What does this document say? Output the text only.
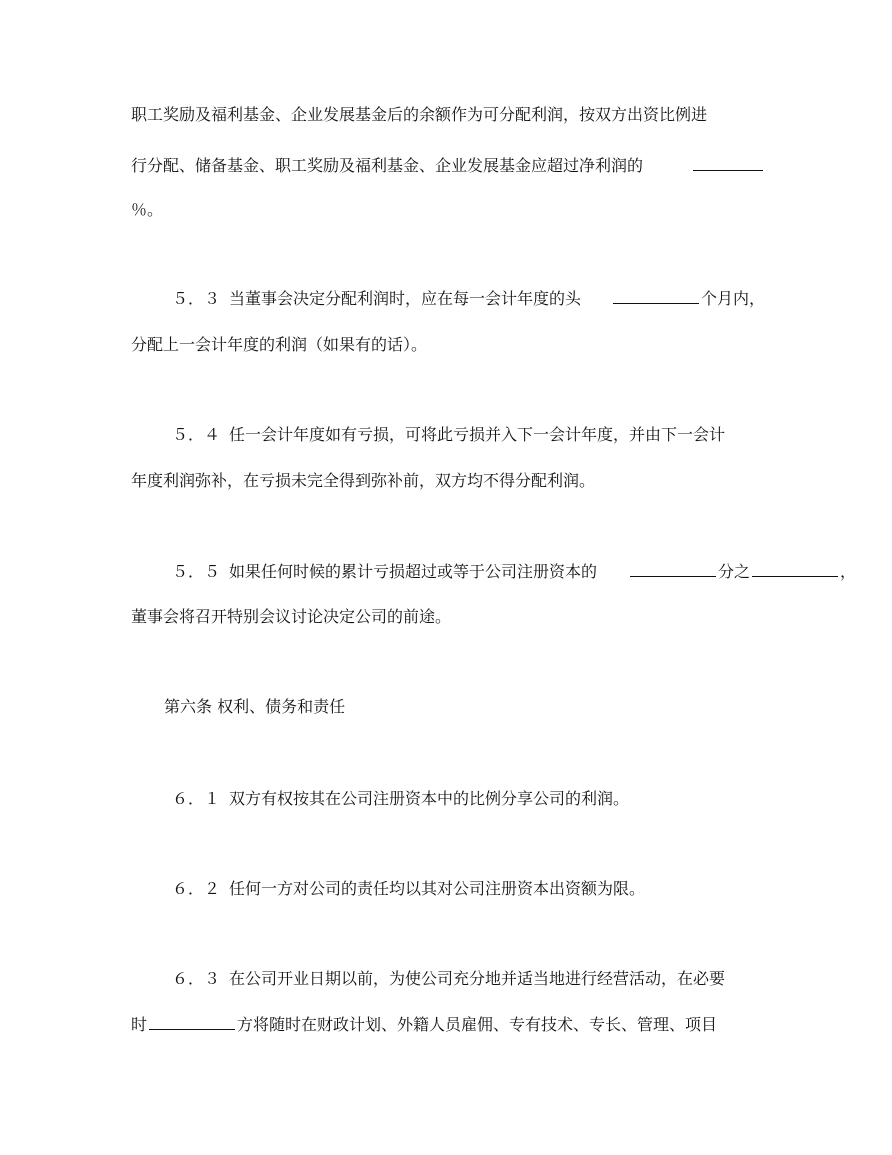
职工奖励及福利基金、企业发展基金后的余额作为可分配利润，按双方出资比例进
行分配、储备基金、职工奖励及福利基金、企业发展基金应超过净利润的
％。
５．３ 当董事会决定分配利润时，应在每一会计年度的头	个月内，
分配上一会计年度的利润（如果有的话）。
５．４ 任一会计年度如有亏损，可将此亏损并入下一会计年度，并由下一会计
年度利润弥补，在亏损未完全得到弥补前，双方均不得分配利润。
５．５ 如果任何时候的累计亏损超过或等于公司注册资本的	分之	，
董事会将召开特别会议讨论决定公司的前途。
第六条 权利、债务和责任
６．１ 双方有权按其在公司注册资本中的比例分享公司的利润。
６．２ 任何一方对公司的责任均以其对公司注册资本出资额为限。
６．３ 在公司开业日期以前，为使公司充分地并适当地进行经营活动，在必要
时	方将随时在财政计划、外籍人员雇佣、专有技术、专长、管理、项目
